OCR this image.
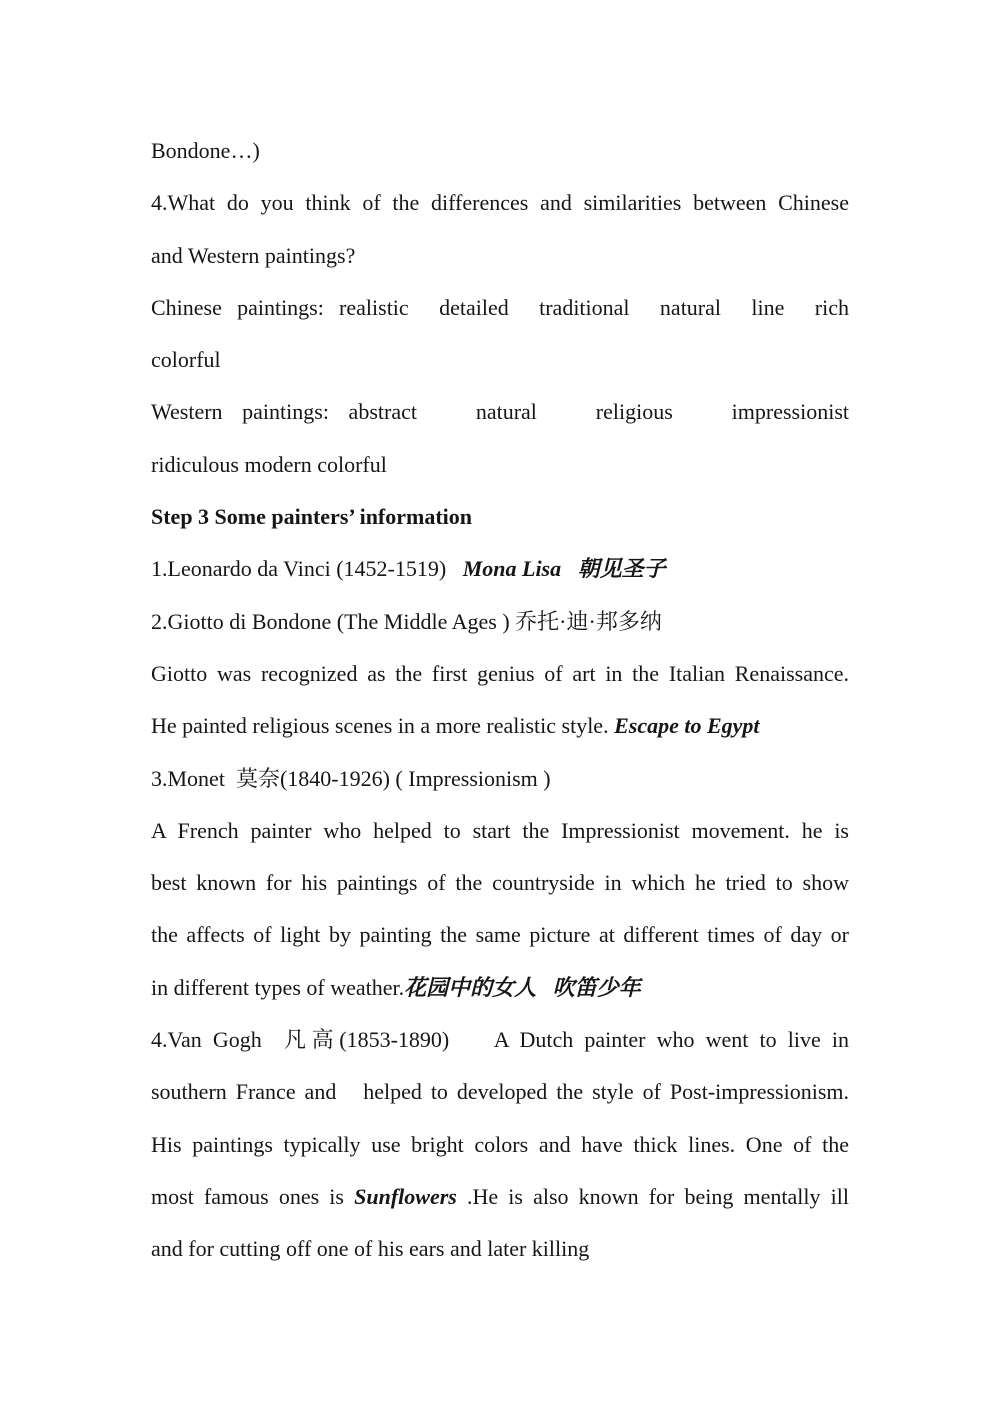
Bondone…)
4.What do you think of the differences and similarities between Chinese
and Western paintings?
Chinese paintings: realistic  detailed  traditional  natural  line  rich
colorful
Western paintings: abstract   natural   religious   impressionist
ridiculous modern colorful
Step 3 Some painters’ information
1.Leonardo da Vinci (1452-1519)   Mona Lisa 朝见圣子
2.Giotto di Bondone (The Middle Ages ) 乔托·迪·邦多纳
Giotto was recognized as the first genius of art in the Italian Renaissance.
He painted religious scenes in a more realistic style. Escape to Egypt
3.Monet  莫奈(1840-1926) ( Impressionism )
A French painter who helped to start the Impressionist movement. he is
best known for his paintings of the countryside in which he tried to show
the affects of light by painting the same picture at different times of day or
in different types of weather.花园中的女人   吹笛少年
4.Van Gogh  凡高(1853-1890)    A Dutch painter who went to live in
southern France and   helped to developed the style of Post-impressionism.
His paintings typically use bright colors and have thick lines. One of the
most famous ones is Sunflowers .He is also known for being mentally ill
and for cutting off one of his ears and later killing
